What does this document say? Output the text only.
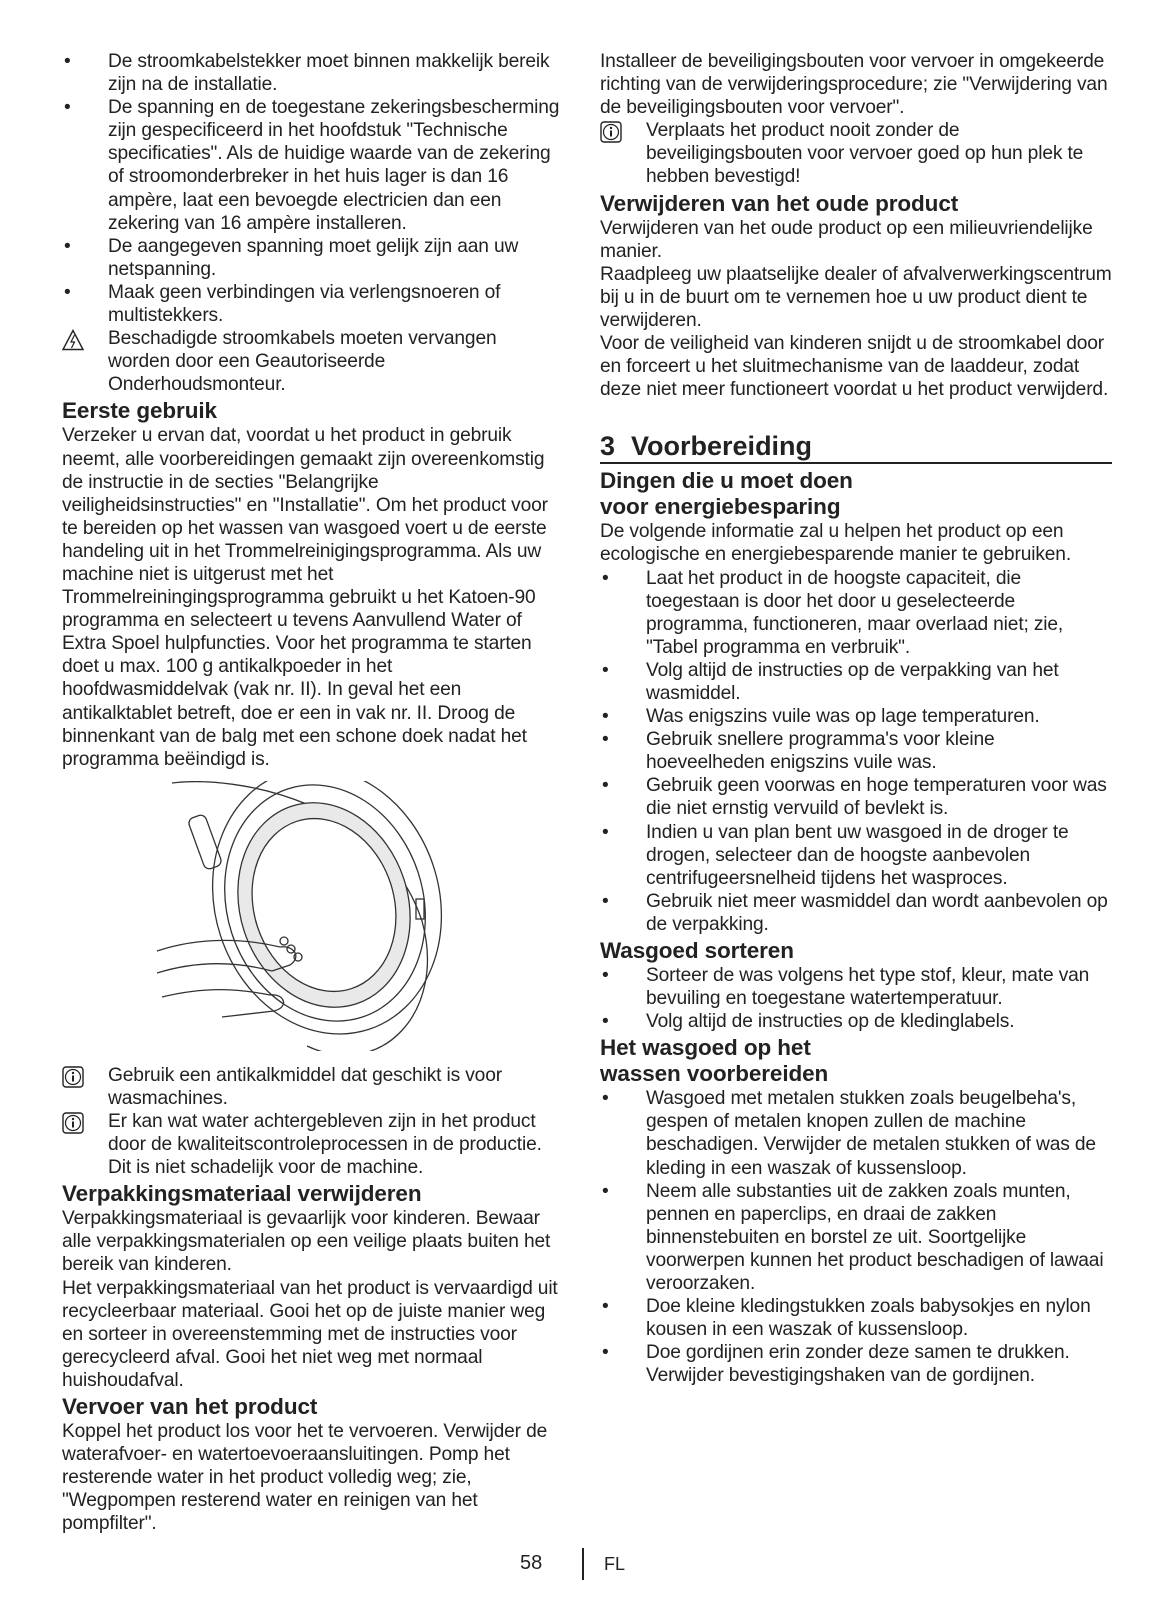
• De stroomkabelstekker moet binnen makkelijk bereik zijn na de installatie.
• De spanning en de toegestane zekeringsbescherming zijn gespecificeerd in het hoofdstuk "Technische specificaties". Als de huidige waarde van de zekering of stroomonderbreker in het huis lager is dan 16 ampère, laat een bevoegde electricien dan een zekering van 16 ampère installeren.
• De aangegeven spanning moet gelijk zijn aan uw netspanning.
• Maak geen verbindingen via verlengsnoeren of multistekkers.
Beschadigde stroomkabels moeten vervangen worden door een Geautoriseerde Onderhoudsmonteur.
Eerste gebruik

Verzeker u ervan dat, voordat u het product in gebruik neemt, alle voorbereidingen gemaakt zijn overeenkomstig de instructie in de secties "Belangrijke veiligheidsinstructies" en "Installatie". Om het product voor te bereiden op het wassen van wasgoed voert u de eerste handeling uit in het Trommelreinigingsprogramma. Als uw machine niet is uitgerust met het Trommelreiningingsprogramma gebruikt u het Katoen-90 programma en selecteert u tevens Aanvullend Water of Extra Spoel hulpfuncties. Voor het programma te starten doet u max. 100 g antikalkpoeder in het hoofdwasmiddelvak (vak nr. II). In geval het een antikalktablet betreft, doe er een in vak nr. II. Droog de binnenkant van de balg met een schone doek nadat het programma beëindigd is.

Gebruik een antikalkmiddel dat geschikt is voor wasmachines.
Er kan wat water achtergebleven zijn in het product door de kwaliteitscontroleprocessen in de productie. Dit is niet schadelijk voor de machine.
Verpakkingsmateriaal verwijderen

Verpakkingsmateriaal is gevaarlijk voor kinderen. Bewaar alle verpakkingsmaterialen op een veilige plaats buiten het bereik van kinderen.

Het verpakkingsmateriaal van het product is vervaardigd uit recycleerbaar materiaal. Gooi het op de juiste manier weg en sorteer in overeenstemming met de instructies voor gerecycleerd afval. Gooi het niet weg met normaal huishoudafval.

Vervoer van het product

Koppel het product los voor het te vervoeren. Verwijder de waterafvoer- en watertoevoeraansluitingen. Pomp het resterende water in het product volledig weg; zie, "Wegpompen resterend water en reinigen van het pompfilter".

Installeer de beveiligingsbouten voor vervoer in omgekeerde richting van de verwijderingsprocedure; zie "Verwijdering van de beveiligingsbouten voor vervoer".

Verplaats het product nooit zonder de beveiligingsbouten voor vervoer goed op hun plek te hebben bevestigd!
Verwijderen van het oude product

Verwijderen van het oude product op een milieuvriendelijke manier.

Raadpleeg uw plaatselijke dealer of afvalverwerkingscentrum bij u in de buurt om te vernemen hoe u uw product dient te verwijderen.

Voor de veiligheid van kinderen snijdt u de stroomkabel door en forceert u het sluitmechanisme van de laaddeur, zodat deze niet meer functioneert voordat u het product verwijderd.

3 Voorbereiding
Dingen die u moet doen
voor energiebesparing

De volgende informatie zal u helpen het product op een ecologische en energiebesparende manier te gebruiken.

• Laat het product in de hoogste capaciteit, die toegestaan is door het door u geselecteerde programma, functioneren, maar overlaad niet; zie, "Tabel programma en verbruik".
• Volg altijd de instructies op de verpakking van het wasmiddel.
• Was enigszins vuile was op lage temperaturen.
• Gebruik snellere programma's voor kleine hoeveelheden enigszins vuile was.
• Gebruik geen voorwas en hoge temperaturen voor was die niet ernstig vervuild of bevlekt is.
• Indien u van plan bent uw wasgoed in de droger te drogen, selecteer dan de hoogste aanbevolen centrifugeersnelheid tijdens het wasproces.
• Gebruik niet meer wasmiddel dan wordt aanbevolen op de verpakking.
Wasgoed sorteren
• Sorteer de was volgens het type stof, kleur, mate van bevuiling en toegestane watertemperatuur.
• Volg altijd de instructies op de kledinglabels.
Het wasgoed op het
wassen voorbereiden
• Wasgoed met metalen stukken zoals beugelbeha's, gespen of metalen knopen zullen de machine beschadigen. Verwijder de metalen stukken of was de kleding in een waszak of kussensloop.
• Neem alle substanties uit de zakken zoals munten, pennen en paperclips, en draai de zakken binnenstebuiten en borstel ze uit. Soortgelijke voorwerpen kunnen het product beschadigen of lawaai veroorzaken.
• Doe kleine kledingstukken zoals babysokjes en nylon kousen in een waszak of kussensloop.
• Doe gordijnen erin zonder deze samen te drukken. Verwijder bevestigingshaken van de gordijnen.
58	FL
